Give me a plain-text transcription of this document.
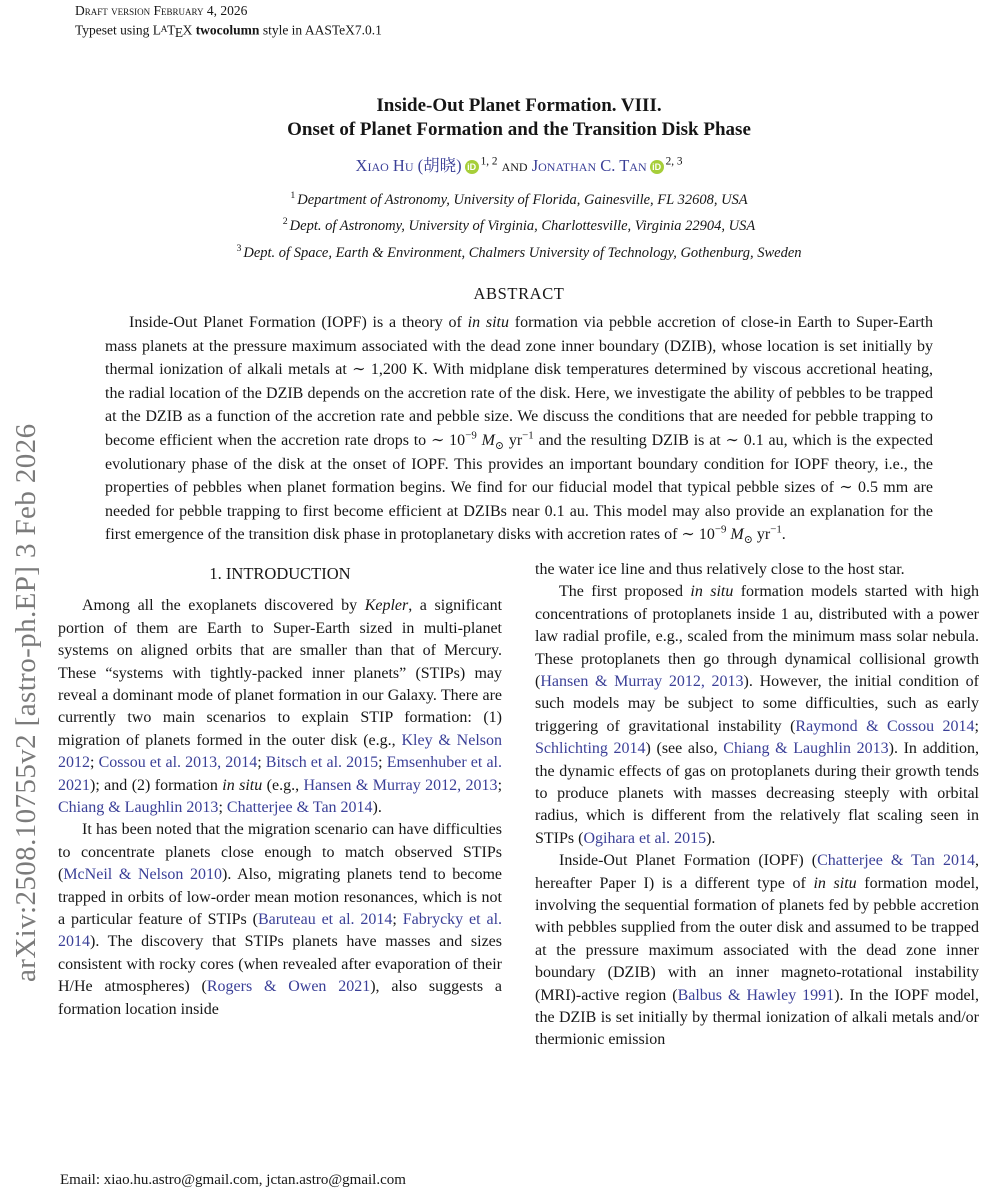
arXiv:2508.10755v2 [astro-ph.EP] 3 Feb 2026
Draft version February 4, 2026
Typeset using LATEX twocolumn style in AASTeX7.0.1
Inside-Out Planet Formation. VIII.
Onset of Planet Formation and the Transition Disk Phase
Xiao Hu (胡晓) iD $^{1, 2}$ and Jonathan C. Tan iD $^{2, 3}$
$^1$ Department of Astronomy, University of Florida, Gainesville, FL 32608, USA
$^2$ Dept. of Astronomy, University of Virginia, Charlottesville, Virginia 22904, USA
$^3$ Dept. of Space, Earth & Environment, Chalmers University of Technology, Gothenburg, Sweden
ABSTRACT
Inside-Out Planet Formation (IOPF) is a theory of in situ formation via pebble accretion of close-in Earth to Super-Earth mass planets at the pressure maximum associated with the dead zone inner boundary (DZIB), whose location is set initially by thermal ionization of alkali metals at ∼ 1,200 K. With midplane disk temperatures determined by viscous accretional heating, the radial location of the DZIB depends on the accretion rate of the disk. Here, we investigate the ability of pebbles to be trapped at the DZIB as a function of the accretion rate and pebble size. We discuss the conditions that are needed for pebble trapping to become efficient when the accretion rate drops to ∼ $10^{-9}$ $M_⊙$ $yr^{-1}$ and the resulting DZIB is at ∼ 0.1 au, which is the expected evolutionary phase of the disk at the onset of IOPF. This provides an important boundary condition for IOPF theory, i.e., the properties of pebbles when planet formation begins. We find for our fiducial model that typical pebble sizes of ∼ 0.5 mm are needed for pebble trapping to first become efficient at DZIBs near 0.1 au. This model may also provide an explanation for the first emergence of the transition disk phase in protoplanetary disks with accretion rates of ∼ $10^{-9}$ $M_⊙$ $yr^{-1}$.
1. INTRODUCTION

Among all the exoplanets discovered by Kepler, a significant portion of them are Earth to Super-Earth sized in multi-planet systems on aligned orbits that are smaller than that of Mercury. These “systems with tightly-packed inner planets” (STIPs) may reveal a dominant mode of planet formation in our Galaxy. There are currently two main scenarios to explain STIP formation: (1) migration of planets formed in the outer disk (e.g., Kley & Nelson 2012; Cossou et al. 2013, 2014; Bitsch et al. 2015; Emsenhuber et al. 2021); and (2) formation in situ (e.g., Hansen & Murray 2012, 2013; Chiang & Laughlin 2013; Chatterjee & Tan 2014).

It has been noted that the migration scenario can have difficulties to concentrate planets close enough to match observed STIPs (McNeil & Nelson 2010). Also, migrating planets tend to become trapped in orbits of low-order mean motion resonances, which is not a particular feature of STIPs (Baruteau et al. 2014; Fabrycky et al. 2014). The discovery that STIPs planets have masses and sizes consistent with rocky cores (when revealed after evaporation of their H/He atmospheres) (Rogers & Owen 2021), also suggests a formation location inside

the water ice line and thus relatively close to the host star.

The first proposed in situ formation models started with high concentrations of protoplanets inside 1 au, distributed with a power law radial profile, e.g., scaled from the minimum mass solar nebula. These protoplanets then go through dynamical collisional growth (Hansen & Murray 2012, 2013). However, the initial condition of such models may be subject to some difficulties, such as early triggering of gravitational instability (Raymond & Cossou 2014; Schlichting 2014) (see also, Chiang & Laughlin 2013). In addition, the dynamic effects of gas on protoplanets during their growth tends to produce planets with masses decreasing steeply with orbital radius, which is different from the relatively flat scaling seen in STIPs (Ogihara et al. 2015).

Inside-Out Planet Formation (IOPF) (Chatterjee & Tan 2014, hereafter Paper I) is a different type of in situ formation model, involving the sequential formation of planets fed by pebble accretion with pebbles supplied from the outer disk and assumed to be trapped at the pressure maximum associated with the dead zone inner boundary (DZIB) with an inner magneto-rotational instability (MRI)-active region (Balbus & Hawley 1991). In the IOPF model, the DZIB is set initially by thermal ionization of alkali metals and/or thermionic emission

Email: xiao.hu.astro@gmail.com, jctan.astro@gmail.com
